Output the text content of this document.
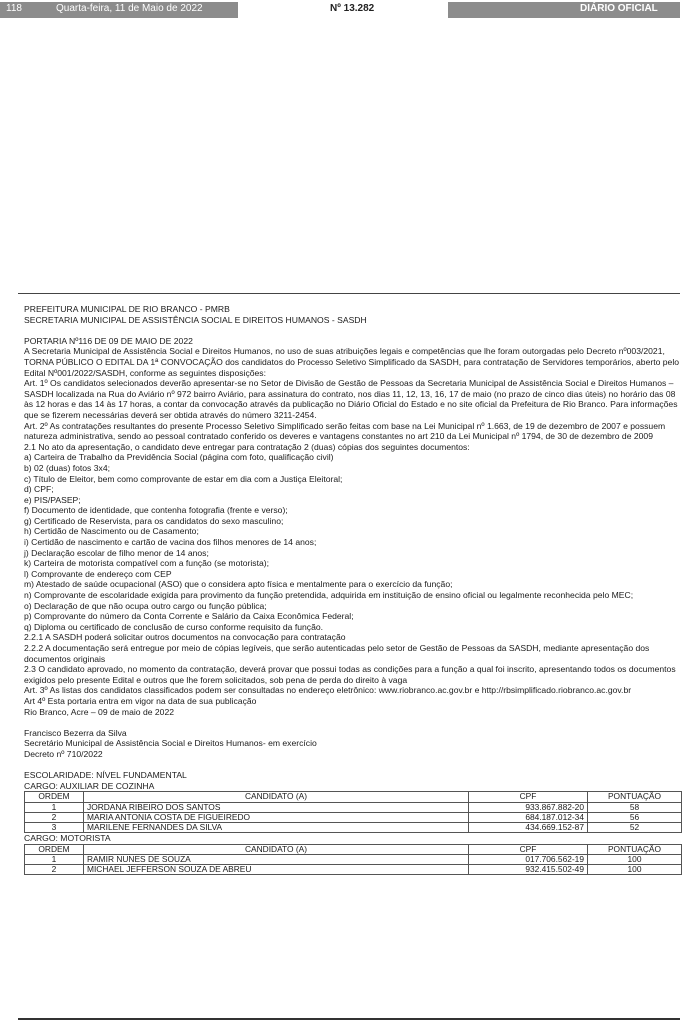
118	Quarta-feira, 11 de Maio de 2022	Nº 13.282	DIÁRIO OFICIAL

PREFEITURA MUNICIPAL DE RIO BRANCO - PMRB

SECRETARIA MUNICIPAL DE ASSISTÊNCIA SOCIAL E DIREITOS HUMANOS - SASDH

PORTARIA Nº116 DE 09 DE MAIO DE 2022

A Secretaria Municipal de Assistência Social e Direitos Humanos, no uso de suas atribuições legais e competências que lhe foram outorgadas pelo Decreto nº003/2021, TORNA PÚBLICO O EDITAL DA 1ª CONVOCAÇÃO dos candidatos do Processo Seletivo Simplificado da SASDH, para contratação de Servidores temporários, aberto pelo Edital Nº001/2022/SASDH, conforme as seguintes disposições:

Art. 1º Os candidatos selecionados deverão apresentar-se no Setor de Divisão de Gestão de Pessoas da Secretaria Municipal de Assistência Social e Direitos Humanos – SASDH localizada na Rua do Aviário nº 972 bairro Aviário, para assinatura do contrato, nos dias 11, 12, 13, 16, 17 de maio (no prazo de cinco dias úteis) no horário das 08 às 12 horas e das 14 às 17 horas, a contar da convocação através da publicação no Diário Oficial do Estado e no site oficial da Prefeitura de Rio Branco. Para informações que se fizerem necessárias deverá ser obtida através do número 3211-2454.

Art. 2º As contratações resultantes do presente Processo Seletivo Simplificado serão feitas com base na Lei Municipal nº 1.663, de 19 de dezembro de 2007 e possuem natureza administrativa, sendo ao pessoal contratado conferido os deveres e vantagens constantes no art 210 da Lei Municipal nº 1794, de 30 de dezembro de 2009

2.1 No ato da apresentação, o candidato deve entregar para contratação 2 (duas) cópias dos seguintes documentos:

a) Carteira de Trabalho da Previdência Social (página com foto, qualificação civil)

b) 02 (duas) fotos 3x4;

c) Título de Eleitor, bem como comprovante de estar em dia com a Justiça Eleitoral;

d) CPF;

e) PIS/PASEP;

f) Documento de identidade, que contenha fotografia (frente e verso);

g) Certificado de Reservista, para os candidatos do sexo masculino;

h) Certidão de Nascimento ou de Casamento;

i) Certidão de nascimento e cartão de vacina dos filhos menores de 14 anos;

j) Declaração escolar de filho menor de 14 anos;

k) Carteira de motorista compatível com a função (se motorista);

l) Comprovante de endereço com CEP

m) Atestado de saúde ocupacional (ASO) que o considera apto física e mentalmente para o exercício da função;

n) Comprovante de escolaridade exigida para provimento da função pretendida, adquirida em instituição de ensino oficial ou legalmente reconhecida pelo MEC;

o) Declaração de que não ocupa outro cargo ou função pública;

p) Comprovante do número da Conta Corrente e Salário da Caixa Econômica Federal;

q) Diploma ou certificado de conclusão de curso conforme requisito da função.

2.2.1 A SASDH poderá solicitar outros documentos na convocação para contratação

2.2.2 A documentação será entregue por meio de cópias legíveis, que serão autenticadas pelo setor de Gestão de Pessoas da SASDH, mediante apresentação dos documentos originais

2.3 O candidato aprovado, no momento da contratação, deverá provar que possui todas as condições para a função a qual foi inscrito, apresentando todos os documentos exigidos pelo presente Edital e outros que lhe forem solicitados, sob pena de perda do direito à vaga

Art. 3º As listas dos candidatos classificados podem ser consultadas no endereço eletrônico: www.riobranco.ac.gov.br e http://rbsimplificado.riobranco.ac.gov.br

Art 4º Esta portaria entra em vigor na data de sua publicação

Rio Branco, Acre – 09 de maio de 2022

Francisco Bezerra da Silva

Secretário Municipal de Assistência Social e Direitos Humanos- em exercício

Decreto nº 710/2022

ESCOLARIDADE: NÍVEL FUNDAMENTAL

CARGO: AUXILIAR DE COZINHA

ORDEM	CANDIDATO (A)	CPF	PONTUAÇÃO
1	JORDANA RIBEIRO DOS SANTOS	933.867.882-20	58
2	MARIA ANTONIA COSTA DE FIGUEIREDO	684.187.012-34	56
3	MARILENE FERNANDES DA SILVA	434.669.152-87	52

CARGO: MOTORISTA

ORDEM	CANDIDATO (A)	CPF	PONTUAÇÃO
1	RAMIR NUNES DE SOUZA	017.706.562-19	100
2	MICHAEL JEFFERSON SOUZA DE ABREU	932.415.502-49	100
